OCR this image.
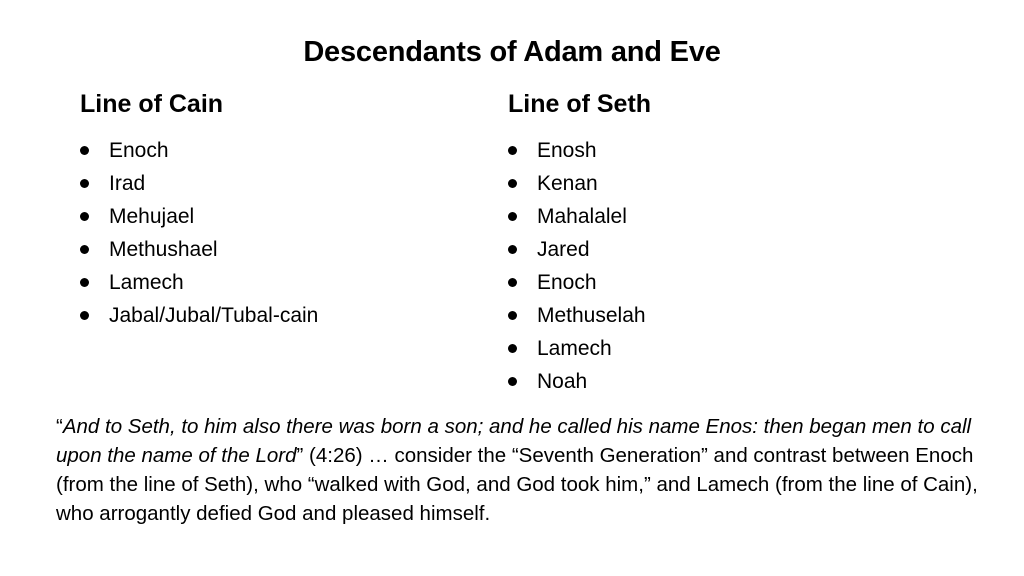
Descendants of Adam and Eve
Line of Cain
Enoch
Irad
Mehujael
Methushael
Lamech
Jabal/Jubal/Tubal-cain
Line of Seth
Enosh
Kenan
Mahalalel
Jared
Enoch
Methuselah
Lamech
Noah
“And to Seth, to him also there was born a son; and he called his name Enos: then began men to call upon the name of the Lord” (4:26) … consider the “Seventh Generation” and contrast between Enoch (from the line of Seth), who “walked with God, and God took him,” and Lamech (from the line of Cain), who arrogantly defied God and pleased himself.
